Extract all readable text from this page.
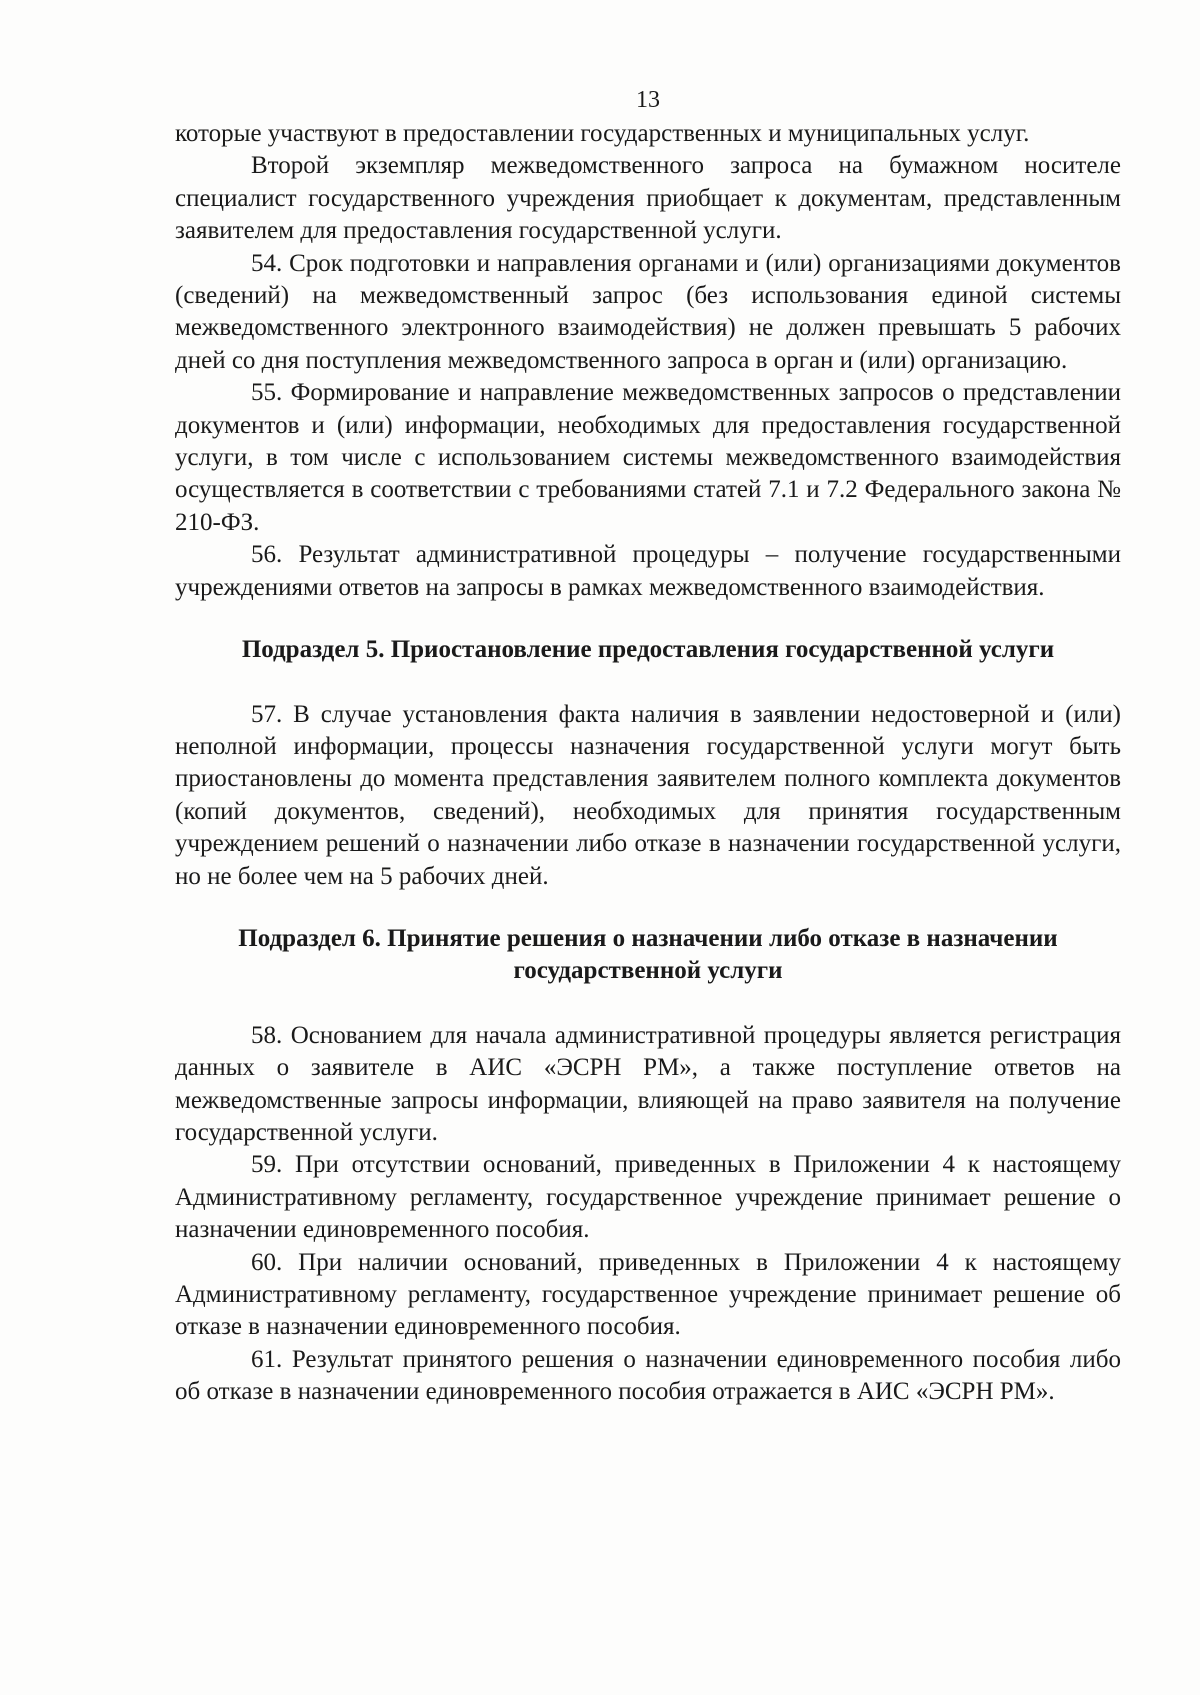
13

которые участвуют в предоставлении государственных и муниципальных услуг.

Второй экземпляр межведомственного запроса на бумажном носителе специалист государственного учреждения приобщает к документам, представленным заявителем для предоставления государственной услуги.

54. Срок подготовки и направления органами и (или) организациями документов (сведений) на межведомственный запрос (без использования единой системы межведомственного электронного взаимодействия) не должен превышать 5 рабочих дней со дня поступления межведомственного запроса в орган и (или) организацию.

55. Формирование и направление межведомственных запросов о представлении документов и (или) информации, необходимых для предоставления государственной услуги, в том числе с использованием системы межведомственного взаимодействия осуществляется в соответствии с требованиями статей 7.1 и 7.2 Федерального закона № 210-ФЗ.

56. Результат административной процедуры – получение государственными учреждениями ответов на запросы в рамках межведомственного взаимодействия.

Подраздел 5. Приостановление предоставления государственной услуги

57. В случае установления факта наличия в заявлении недостоверной и (или) неполной информации, процессы назначения государственной услуги могут быть приостановлены до момента представления заявителем полного комплекта документов (копий документов, сведений), необходимых для принятия государственным учреждением решений о назначении либо отказе в назначении государственной услуги, но не более чем на 5 рабочих дней.

Подраздел 6. Принятие решения о назначении либо отказе в назначении
государственной услуги

58. Основанием для начала административной процедуры является регистрация данных о заявителе в АИС «ЭСРН РМ», а также поступление ответов на межведомственные запросы информации, влияющей на право заявителя на получение государственной услуги.

59. При отсутствии оснований, приведенных в Приложении 4 к настоящему Административному регламенту, государственное учреждение принимает решение о назначении единовременного пособия.

60. При наличии оснований, приведенных в Приложении 4 к настоящему Административному регламенту, государственное учреждение принимает решение об отказе в назначении единовременного пособия.

61. Результат принятого решения о назначении единовременного пособия либо об отказе в назначении единовременного пособия отражается в АИС «ЭСРН РМ».
